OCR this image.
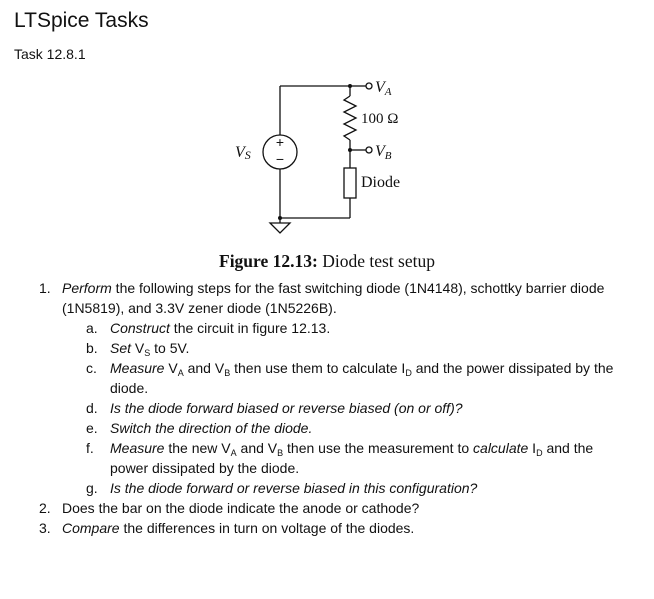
LTSpice Tasks
Task 12.8.1
+
−
VS
VA
100 Ω
VB
Diode
Figure 12.13: Diode test setup
1. Perform the following steps for the fast switching diode (1N4148), schottky barrier diode
(1N5819), and 3.3V zener diode (1N5226B).
a. Construct the circuit in figure 12.13.
b. Set $V_S$ to 5V.
c. Measure $V_A$ and $V_B$ then use them to calculate $I_D$ and the power dissipated by the
diode.
d. Is the diode forward biased or reverse biased (on or off)?
e. Switch the direction of the diode.
f. Measure the new $V_A$ and $V_B$ then use the measurement to calculate $I_D$ and the
power dissipated by the diode.
g. Is the diode forward or reverse biased in this configuration?
2. Does the bar on the diode indicate the anode or cathode?
3. Compare the differences in turn on voltage of the diodes.
